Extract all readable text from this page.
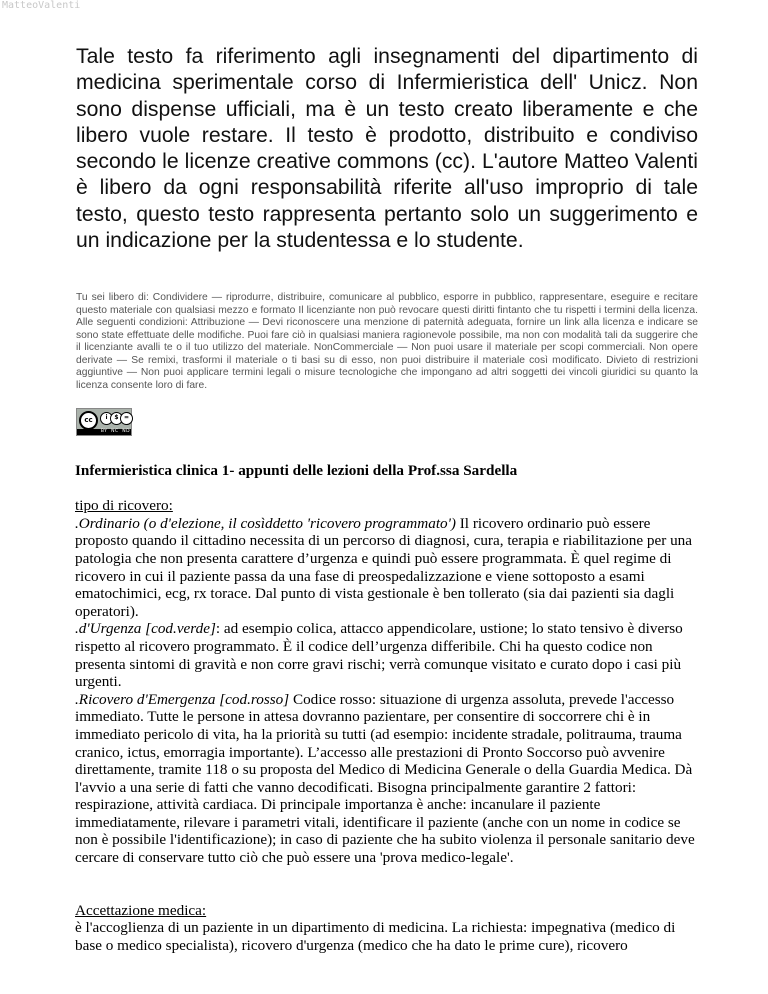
MatteoValenti

Tale testo fa riferimento agli insegnamenti del dipartimento di medicina sperimentale corso di Infermieristica dell' Unicz. Non sono dispense ufficiali, ma è un testo creato liberamente e che libero vuole restare. Il testo è prodotto, distribuito e condiviso secondo le licenze creative commons (cc). L'autore Matteo Valenti è libero da ogni responsabilità riferite all'uso improprio di tale testo, questo testo rappresenta pertanto solo un suggerimento e un indicazione per la studentessa e lo studente.

Tu sei libero di: Condividere — riprodurre, distribuire, comunicare al pubblico, esporre in pubblico, rappresentare, eseguire e recitare questo materiale con qualsiasi mezzo e formato Il licenziante non può revocare questi diritti fintanto che tu rispetti i termini della licenza. Alle seguenti condizioni: Attribuzione — Devi riconoscere una menzione di paternità adeguata, fornire un link alla licenza e indicare se sono state effettuate delle modifiche. Puoi fare ciò in qualsiasi maniera ragionevole possibile, ma non con modalità tali da suggerire che il licenziante avalli te o il tuo utilizzo del materiale. NonCommerciale — Non puoi usare il materiale per scopi commerciali. Non opere derivate — Se remixi, trasformi il materiale o ti basi su di esso, non puoi distribuire il materiale così modificato. Divieto di restrizioni aggiuntive — Non puoi applicare termini legali o misure tecnologiche che impongano ad altri soggetti dei vincoli giuridici su quanto la licenza consente loro di fare.

cc	i	$ =
BY NC ND

Infermieristica clinica 1- appunti delle lezioni della Prof.ssa Sardella

tipo di ricovero:

.Ordinario (o d'elezione, il cosìddetto 'ricovero programmato') Il ricovero ordinario può essere proposto quando il cittadino necessita di un percorso di diagnosi, cura, terapia e riabilitazione per una patologia che non presenta carattere d’urgenza e quindi può essere programmata. È quel regime di ricovero in cui il paziente passa da una fase di preospedalizzazione e viene sottoposto a esami ematochimici, ecg, rx torace. Dal punto di vista gestionale è ben tollerato (sia dai pazienti sia dagli operatori).

.d'Urgenza [cod.verde]: ad esempio colica, attacco appendicolare, ustione; lo stato tensivo è diverso rispetto al ricovero programmato. È il codice dell’urgenza differibile. Chi ha questo codice non presenta sintomi di gravità e non corre gravi rischi; verrà comunque visitato e curato dopo i casi più urgenti.

.Ricovero d'Emergenza [cod.rosso] Codice rosso: situazione di urgenza assoluta, prevede l'accesso immediato. Tutte le persone in attesa dovranno pazientare, per consentire di soccorrere chi è in immediato pericolo di vita, ha la priorità su tutti (ad esempio: incidente stradale, politrauma, trauma cranico, ictus, emorragia importante). L’accesso alle prestazioni di Pronto Soccorso può avvenire direttamente, tramite 118 o su proposta del Medico di Medicina Generale o della Guardia Medica. Dà l'avvio a una serie di fatti che vanno decodificati. Bisogna principalmente garantire 2 fattori: respirazione, attività cardiaca. Di principale importanza è anche: incanulare il paziente immediatamente, rilevare i parametri vitali, identificare il paziente (anche con un nome in codice se non è possibile l'identificazione); in caso di paziente che ha subito violenza il personale sanitario deve cercare di conservare tutto ciò che può essere una 'prova medico-legale'.

Accettazione medica:

è l'accoglienza di un paziente in un dipartimento di medicina. La richiesta: impegnativa (medico di base o medico specialista), ricovero d'urgenza (medico che ha dato le prime cure), ricovero
